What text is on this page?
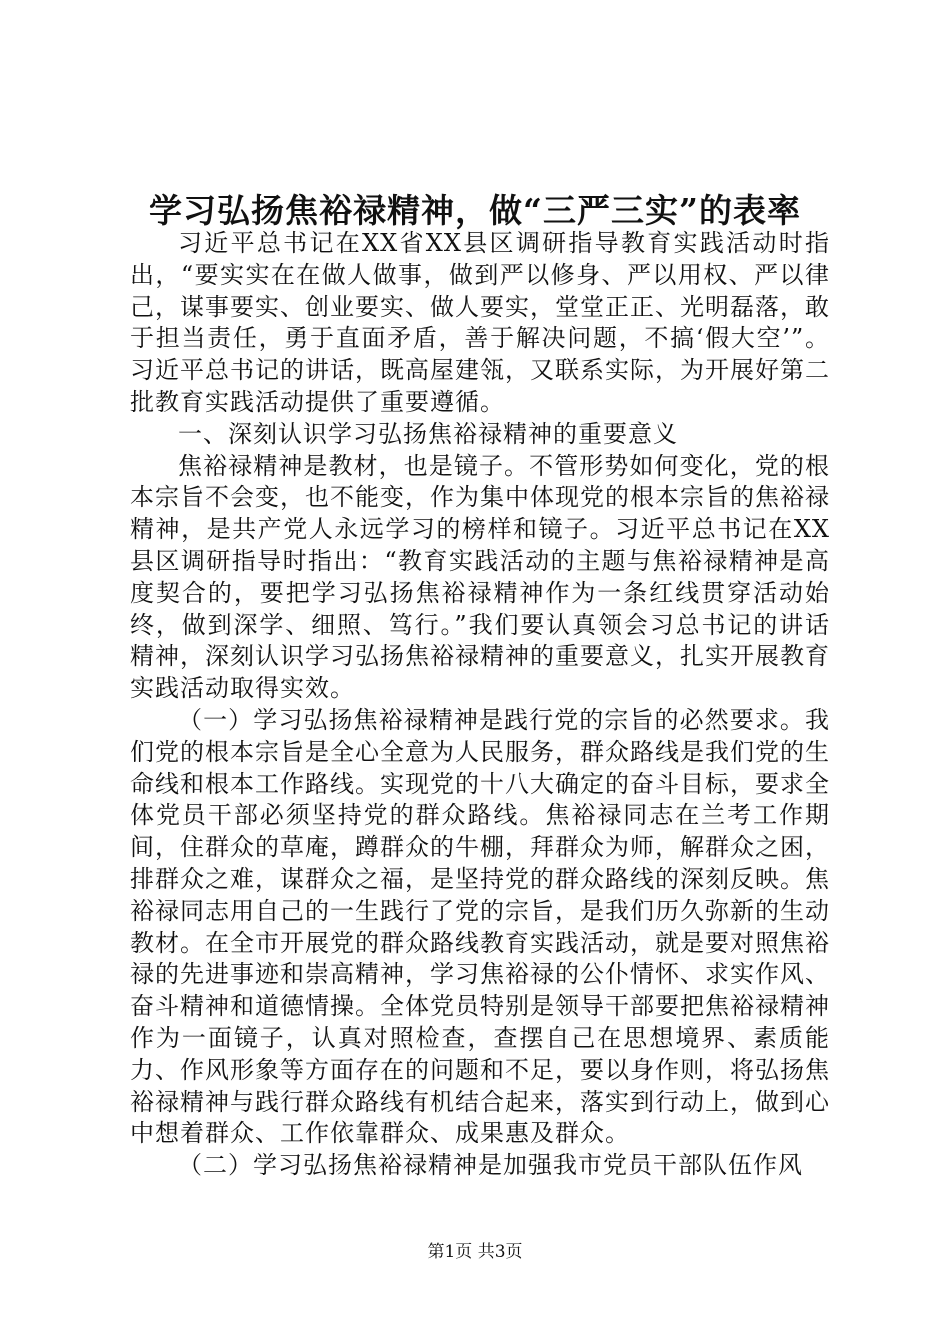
学习弘扬焦裕禄精神，做“三严三实”的表率

习近平总书记在XX省XX县区调研指导教育实践活动时指出，“要实实在在做人做事，做到严以修身、严以用权、严以律己，谋事要实、创业要实、做人要实，堂堂正正、光明磊落，敢于担当责任，勇于直面矛盾，善于解决问题，不搞‘假大空’”。习近平总书记的讲话，既高屋建瓴，又联系实际，为开展好第二批教育实践活动提供了重要遵循。

一、深刻认识学习弘扬焦裕禄精神的重要意义

焦裕禄精神是教材，也是镜子。不管形势如何变化，党的根本宗旨不会变，也不能变，作为集中体现党的根本宗旨的焦裕禄精神，是共产党人永远学习的榜样和镜子。习近平总书记在XX县区调研指导时指出：“教育实践活动的主题与焦裕禄精神是高度契合的，要把学习弘扬焦裕禄精神作为一条红线贯穿活动始终，做到深学、细照、笃行。”我们要认真领会习总书记的讲话精神，深刻认识学习弘扬焦裕禄精神的重要意义，扎实开展教育实践活动取得实效。

（一）学习弘扬焦裕禄精神是践行党的宗旨的必然要求。我们党的根本宗旨是全心全意为人民服务，群众路线是我们党的生命线和根本工作路线。实现党的十八大确定的奋斗目标，要求全体党员干部必须坚持党的群众路线。焦裕禄同志在兰考工作期间，住群众的草庵，蹲群众的牛棚，拜群众为师，解群众之困，排群众之难，谋群众之福，是坚持党的群众路线的深刻反映。焦裕禄同志用自己的一生践行了党的宗旨，是我们历久弥新的生动教材。在全市开展党的群众路线教育实践活动，就是要对照焦裕禄的先进事迹和崇高精神，学习焦裕禄的公仆情怀、求实作风、奋斗精神和道德情操。全体党员特别是领导干部要把焦裕禄精神作为一面镜子，认真对照检查，查摆自己在思想境界、素质能力、作风形象等方面存在的问题和不足，要以身作则，将弘扬焦裕禄精神与践行群众路线有机结合起来，落实到行动上，做到心中想着群众、工作依靠群众、成果惠及群众。

（二）学习弘扬焦裕禄精神是加强我市党员干部队伍作风

第1页 共3页
